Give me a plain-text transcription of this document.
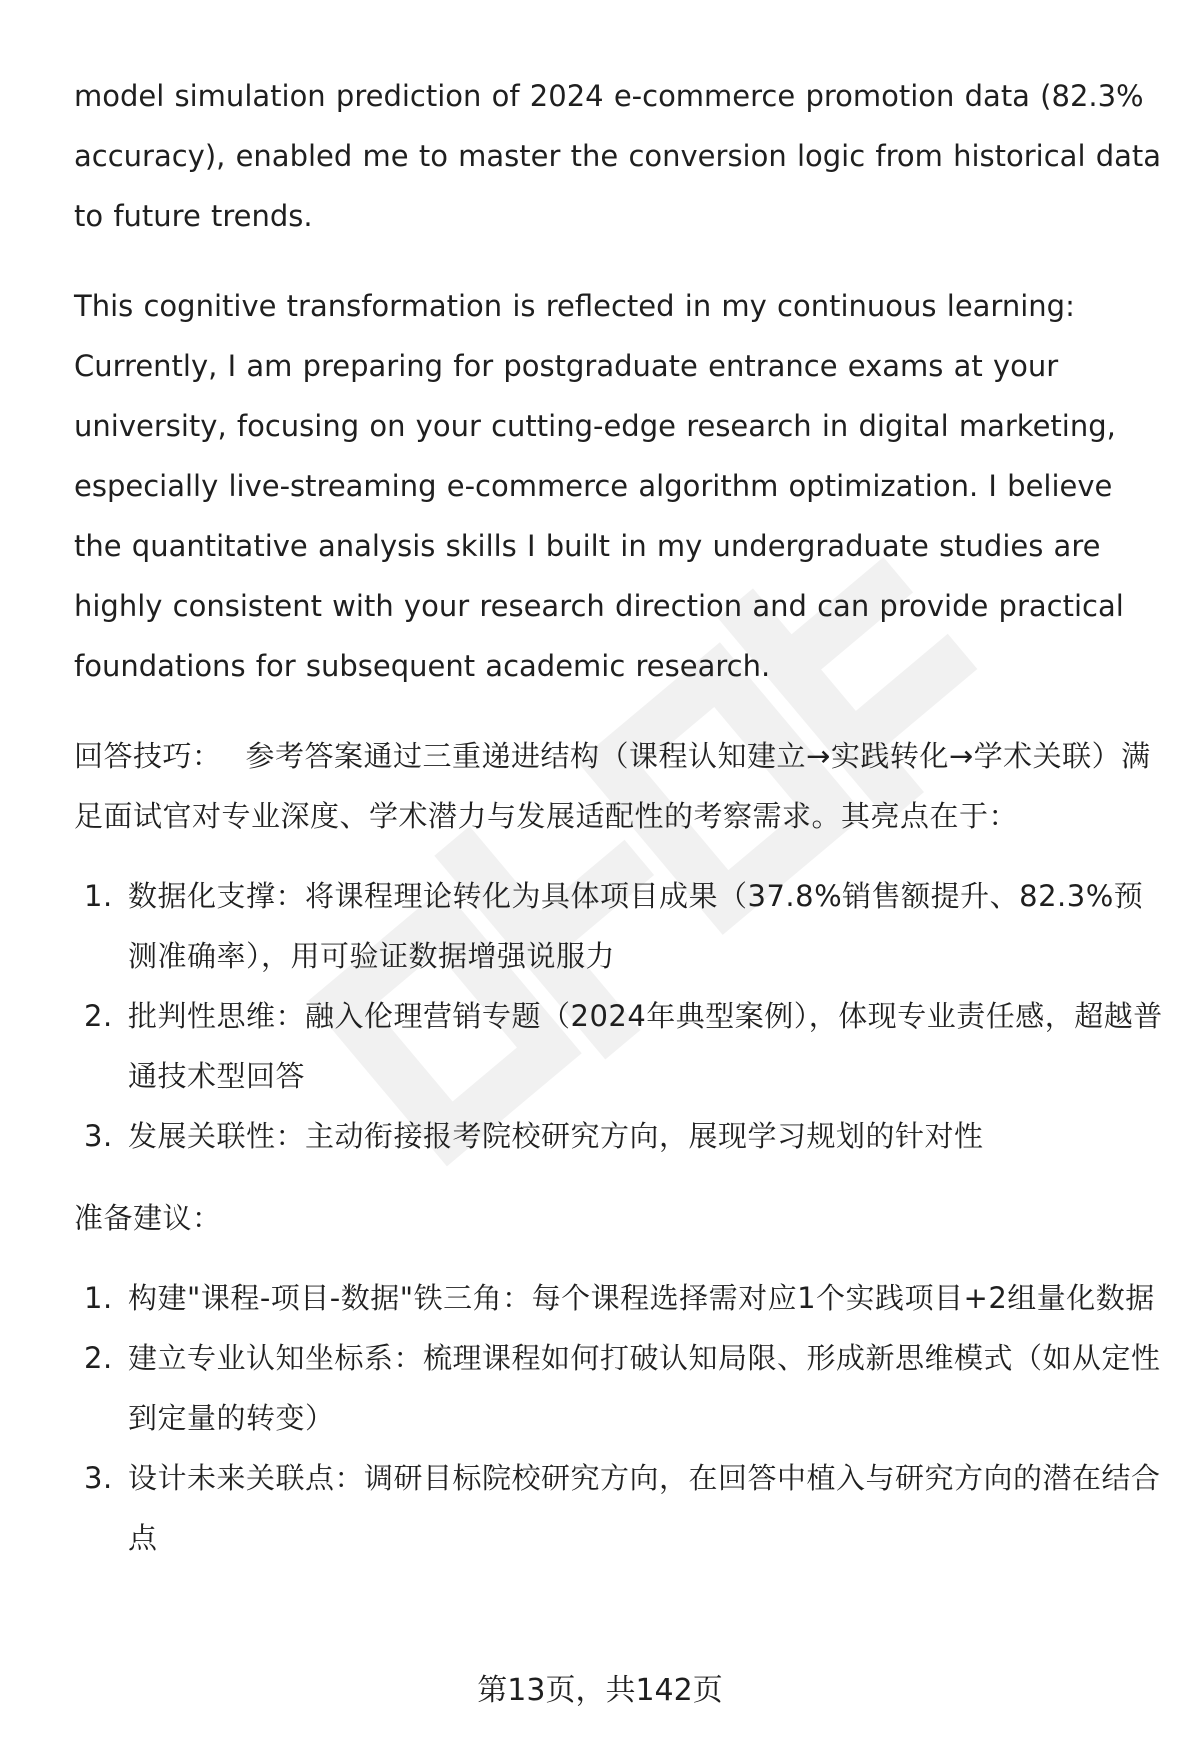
model simulation prediction of 2024 e-commerce promotion data (82.3% accuracy), enabled me to master the conversion logic from historical data to future trends.

This cognitive transformation is reflected in my continuous learning: Currently, I am preparing for postgraduate entrance exams at your university, focusing on your cutting-edge research in digital marketing, especially live-streaming e-commerce algorithm optimization. I believe the quantitative analysis skills I built in my undergraduate studies are highly consistent with your research direction and can provide practical foundations for subsequent academic research.

回答技巧： 参考答案通过三重递进结构（课程认知建立→实践转化→学术关联）满足面试官对专业深度、学术潜力与发展适配性的考察需求。其亮点在于：

1. 数据化支撑：将课程理论转化为具体项目成果（37.8%销售额提升、82.3%预测准确率），用可验证数据增强说服力
2. 批判性思维：融入伦理营销专题（2024年典型案例），体现专业责任感，超越普通技术型回答
3. 发展关联性：主动衔接报考院校研究方向，展现学习规划的针对性

准备建议：

1. 构建"课程-项目-数据"铁三角：每个课程选择需对应1个实践项目+2组量化数据
2. 建立专业认知坐标系：梳理课程如何打破认知局限、形成新思维模式（如从定性到定量的转变）
3. 设计未来关联点：调研目标院校研究方向，在回答中植入与研究方向的潜在结合点
第13页，共142页
